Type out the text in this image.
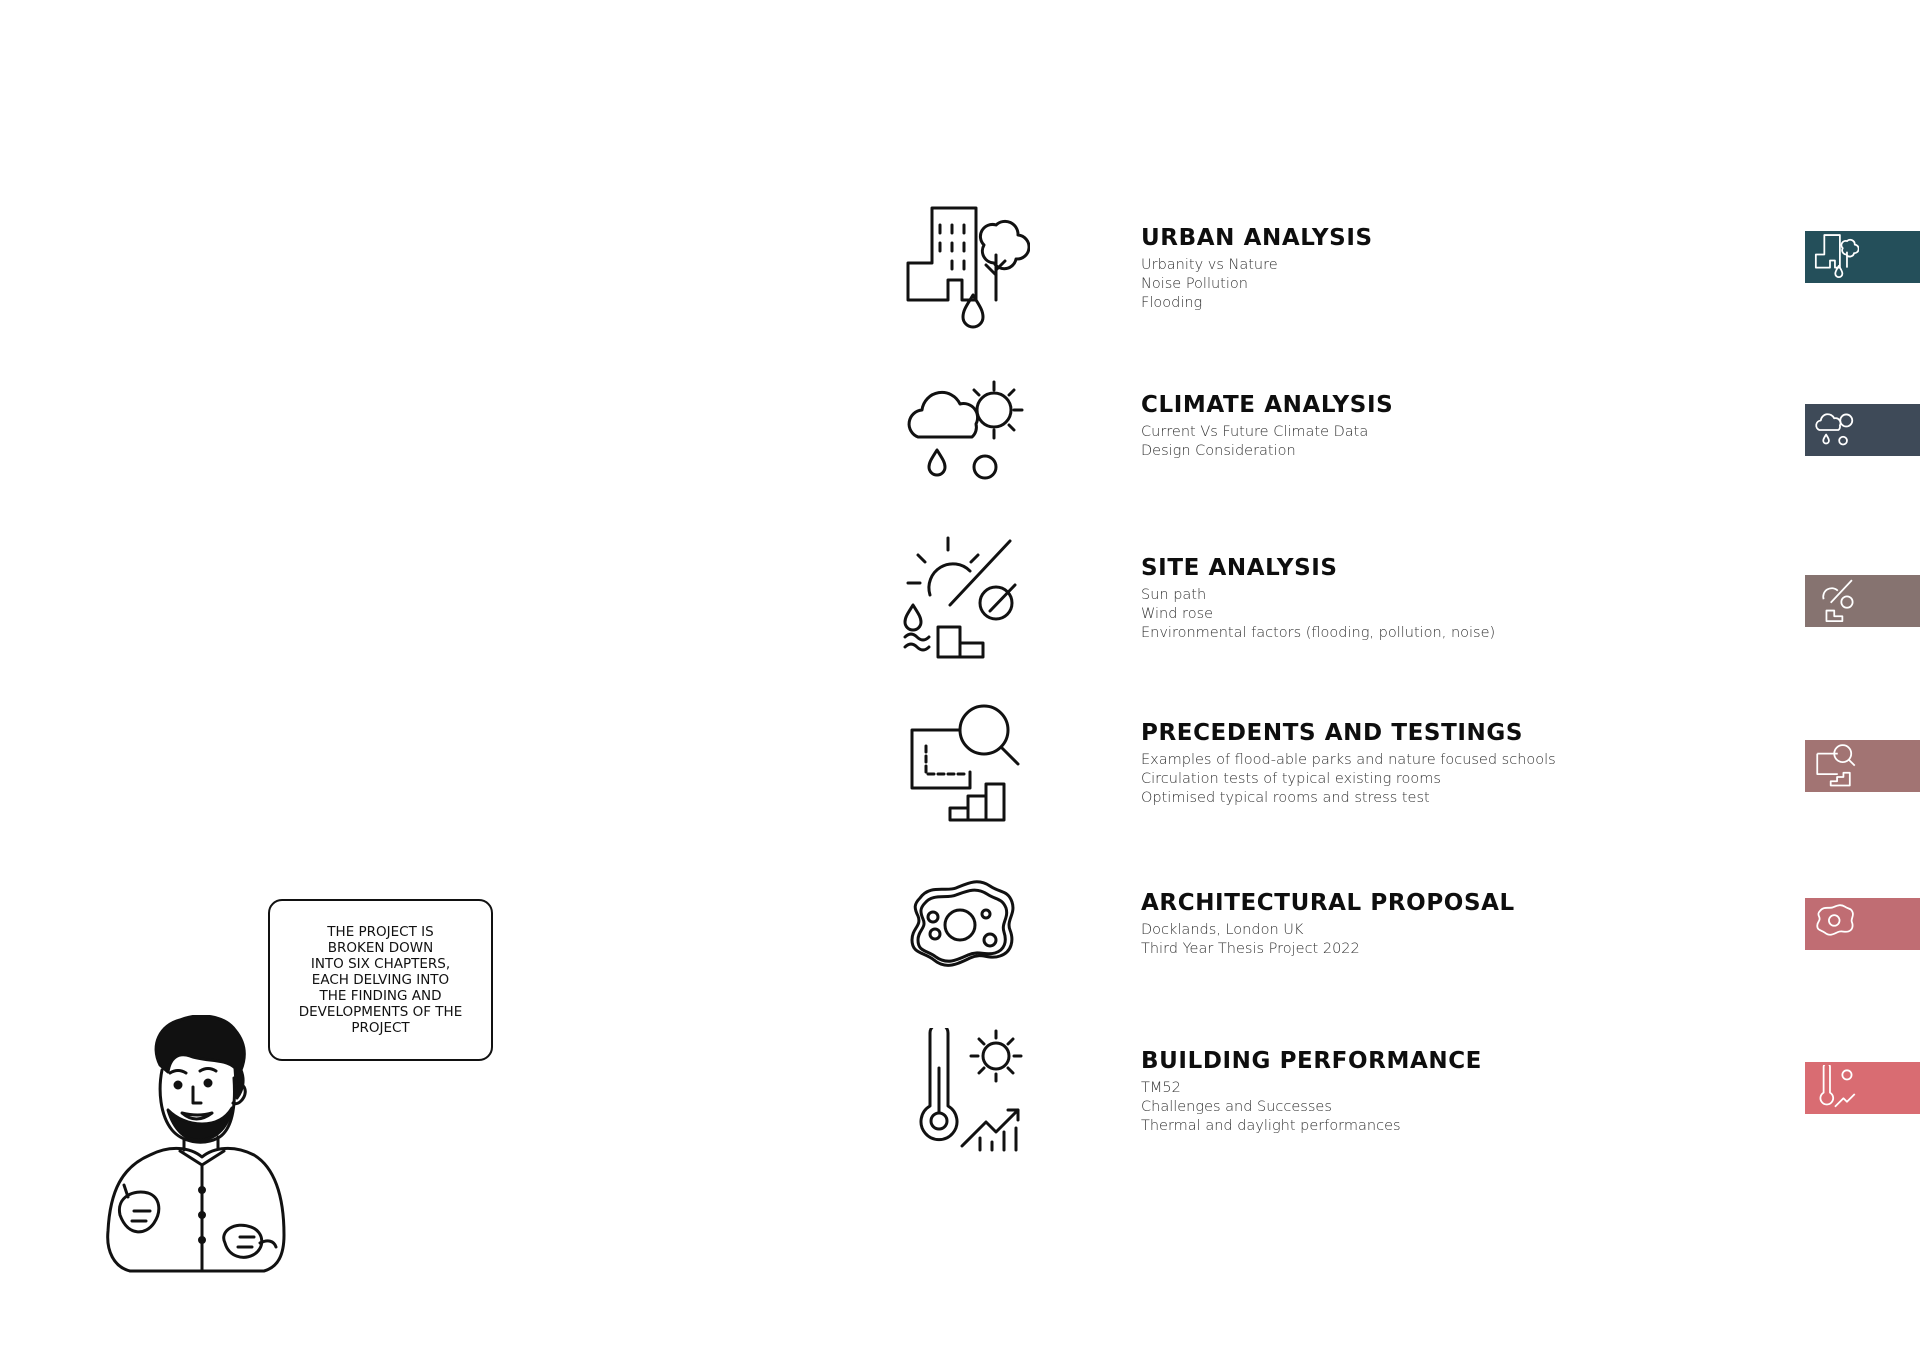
URBAN ANALYSIS
Urbanity vs Nature
Noise Pollution
Flooding
CLIMATE ANALYSIS
Current Vs Future Climate Data
Design Consideration
SITE ANALYSIS
Sun path
Wind rose
Environmental factors (flooding, pollution, noise)
PRECEDENTS AND TESTINGS
Examples of flood-able parks and nature focused schools
Circulation tests of typical existing rooms
Optimised typical rooms and stress test
ARCHITECTURAL PROPOSAL
Docklands, London UK
Third Year Thesis Project 2022
BUILDING PERFORMANCE
TM52
Challenges and Successes
Thermal and daylight performances

THE PROJECT IS
BROKEN DOWN
INTO SIX CHAPTERS,
EACH DELVING INTO
THE FINDING AND
DEVELOPMENTS OF THE
PROJECT
